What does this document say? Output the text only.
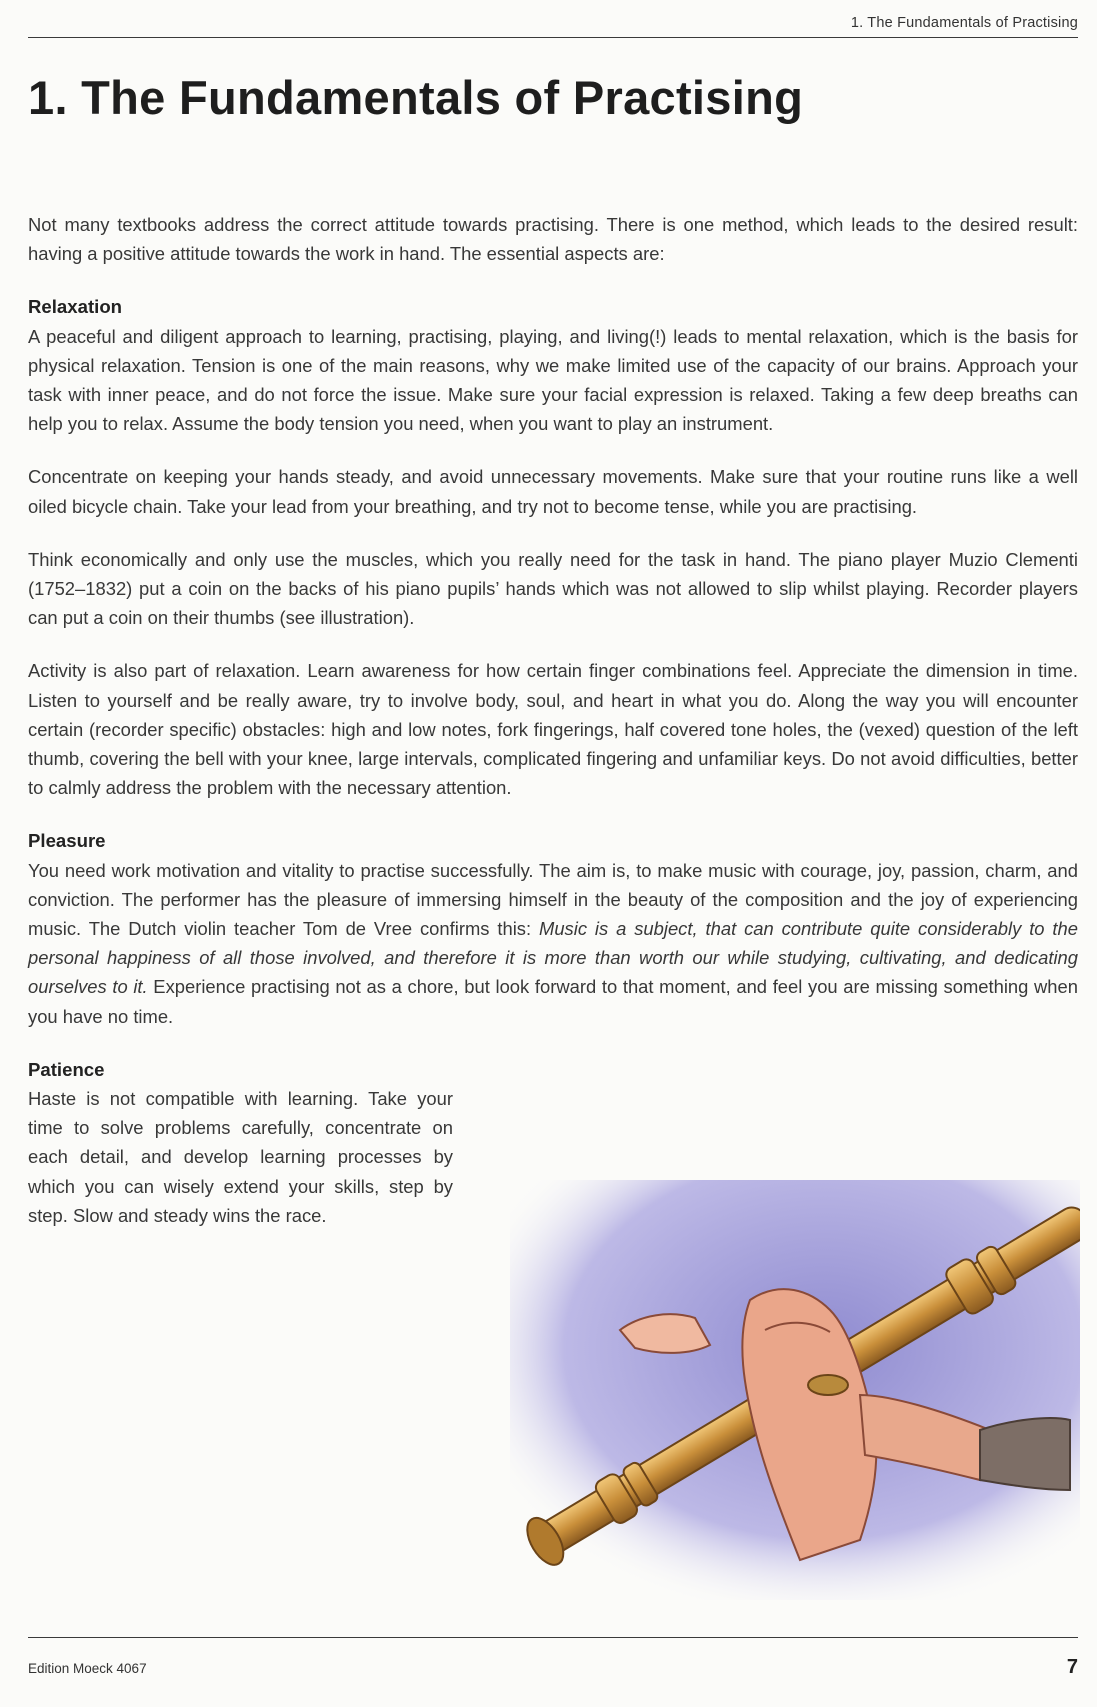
1. The Fundamentals of Practising
1. The Fundamentals of Practising

Not many textbooks address the correct attitude towards practising. There is one method, which leads to the desired result: having a positive attitude towards the work in hand. The essential aspects are:

Relaxation

A peaceful and diligent approach to learning, practising, playing, and living(!) leads to mental relaxation, which is the basis for physical relaxation. Tension is one of the main reasons, why we make limited use of the capacity of our brains. Approach your task with inner peace, and do not force the issue. Make sure your facial expression is relaxed. Taking a few deep breaths can help you to relax. Assume the body tension you need, when you want to play an instrument.

Concentrate on keeping your hands steady, and avoid unnecessary movements. Make sure that your routine runs like a well oiled bicycle chain. Take your lead from your breathing, and try not to become tense, while you are practising.

Think economically and only use the muscles, which you really need for the task in hand. The piano player Muzio Clementi (1752–1832) put a coin on the backs of his piano pupils’ hands which was not allowed to slip whilst playing. Recorder players can put a coin on their thumbs (see illustration).

Activity is also part of relaxation. Learn awareness for how certain finger combinations feel. Appreciate the dimension in time. Listen to yourself and be really aware, try to involve body, soul, and heart in what you do. Along the way you will encounter certain (recorder specific) obstacles: high and low notes, fork fingerings, half covered tone holes, the (vexed) question of the left thumb, covering the bell with your knee, large intervals, complicated fingering and unfamiliar keys. Do not avoid difficulties, better to calmly address the problem with the necessary attention.

Pleasure

You need work motivation and vitality to practise successfully. The aim is, to make music with courage, joy, passion, charm, and conviction. The performer has the pleasure of immersing himself in the beauty of the composition and the joy of experiencing music. The Dutch violin teacher Tom de Vree confirms this: Music is a subject, that can contribute quite considerably to the personal happiness of all those involved, and therefore it is more than worth our while studying, cultivating, and dedicating ourselves to it. Experience practising not as a chore, but look forward to that moment, and feel you are missing something when you have no time.

Patience

Haste is not compatible with learning. Take your time to solve problems carefully, concentrate on each detail, and develop learning processes by which you can wisely extend your skills, step by step. Slow and steady wins the race.

Edition Moeck 4067	7
